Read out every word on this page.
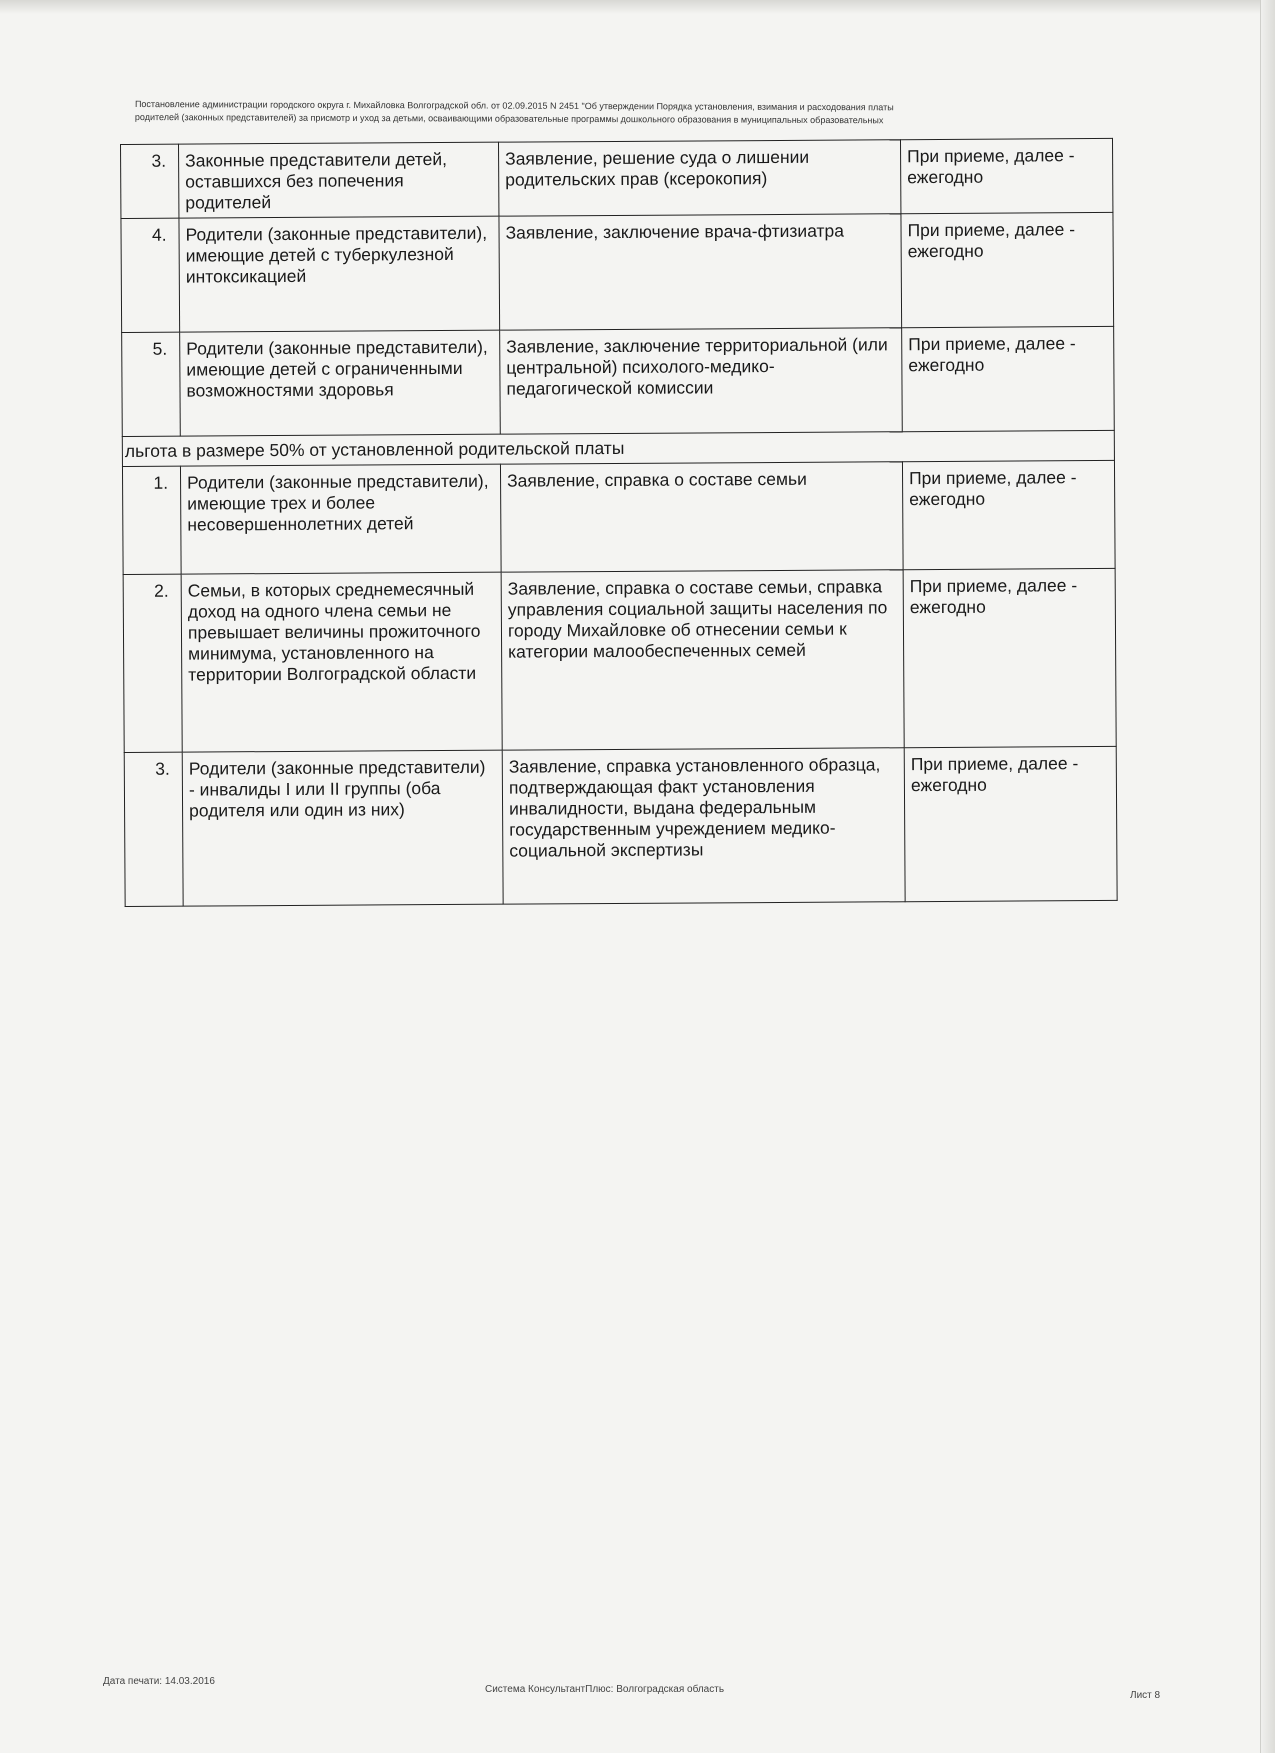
Постановление администрации городского округа г. Михайловка Волгоградской обл. от 02.09.2015 N 2451 "Об утверждении Порядка установления, взимания и расходования платы
родителей (законных представителей) за присмотр и уход за детьми, осваивающими образовательные программы дошкольного образования в муниципальных образовательных
3.	Законные представители детей, оставшихся без попечения родителей	Заявление, решение суда о лишении родительских прав (ксерокопия)	При приеме, далее - ежегодно
4.	Родители (законные представители), имеющие детей с туберкулезной интоксикацией	Заявление, заключение врача-фтизиатра	При приеме, далее - ежегодно
5.	Родители (законные представители), имеющие детей с ограниченными возможностями здоровья	Заявление, заключение территориальной (или центральной) психолого-медико-педагогической комиссии	При приеме, далее - ежегодно
льгота в размере 50% от установленной родительской платы			
1.	Родители (законные представители), имеющие трех и более несовершеннолетних детей	Заявление, справка о составе семьи	При приеме, далее - ежегодно
2.	Семьи, в которых среднемесячный доход на одного члена семьи не превышает величины прожиточного минимума, установленного на территории Волгоградской области	Заявление, справка о составе семьи, справка управления социальной защиты населения по городу Михайловке об отнесении семьи к категории малообеспеченных семей	При приеме, далее - ежегодно
3.	Родители (законные представители) - инвалиды I или II группы (оба родителя или один из них)	Заявление, справка установленного образца, подтверждающая факт установления инвалидности, выдана федеральным государственным учреждением медико-социальной экспертизы	При приеме, далее - ежегодно
Дата печати: 14.03.2016
Система КонсультантПлюс: Волгоградская область
Лист 8
